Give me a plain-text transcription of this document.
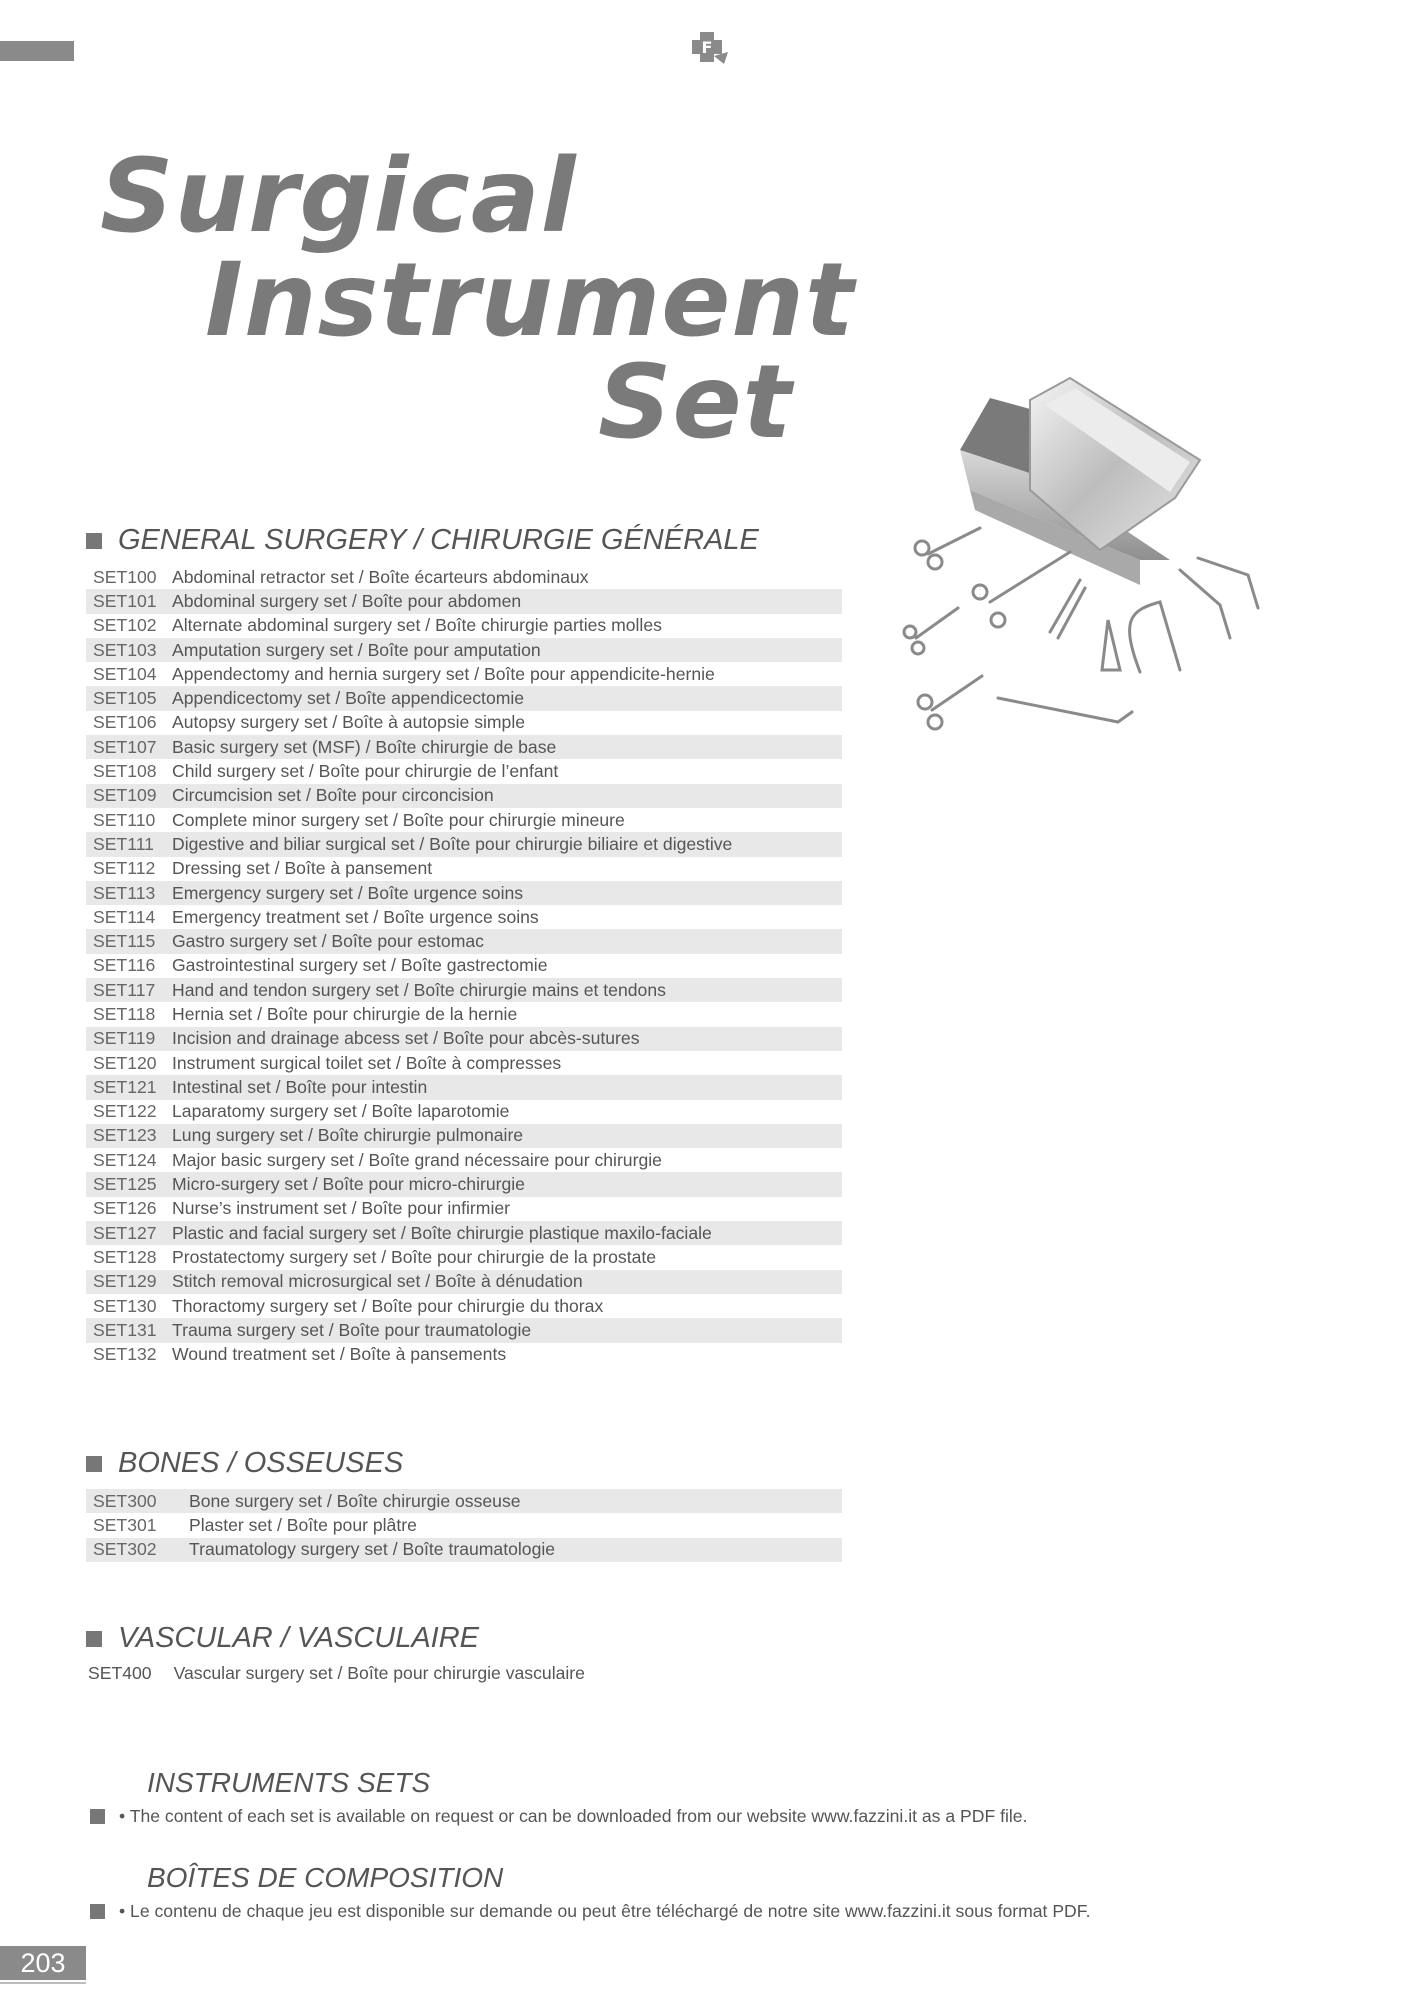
F
Surgical
Instrument
Set
GENERAL SURGERY / CHIRURGIE GÉNÉRALE
SET100 Abdominal retractor set / Boîte écarteurs abdominaux
SET101 Abdominal surgery set / Boîte pour abdomen
SET102 Alternate abdominal surgery set / Boîte chirurgie parties molles
SET103 Amputation surgery set / Boîte pour amputation
SET104 Appendectomy and hernia surgery set / Boîte pour appendicite-hernie
SET105 Appendicectomy set / Boîte appendicectomie
SET106 Autopsy surgery set / Boîte à autopsie simple
SET107 Basic surgery set (MSF) / Boîte chirurgie de base
SET108 Child surgery set / Boîte pour chirurgie de l’enfant
SET109 Circumcision set / Boîte pour circoncision
SET110 Complete minor surgery set / Boîte pour chirurgie mineure
SET111	Digestive and biliar surgical set / Boîte pour chirurgie biliaire et digestive
SET112 Dressing set / Boîte à pansement
SET113 Emergency surgery set / Boîte urgence soins
SET114 Emergency treatment set / Boîte urgence soins
SET115 Gastro surgery set / Boîte pour estomac
SET116 Gastrointestinal surgery set / Boîte gastrectomie
SET117 Hand and tendon surgery set / Boîte chirurgie mains et tendons
SET118 Hernia set / Boîte pour chirurgie de la hernie
SET119 Incision and drainage abcess set / Boîte pour abcès-sutures
SET120 Instrument surgical toilet set / Boîte à compresses
SET121 Intestinal set / Boîte pour intestin
SET122 Laparatomy surgery set / Boîte laparotomie
SET123 Lung surgery set / Boîte chirurgie pulmonaire
SET124 Major basic surgery set / Boîte grand nécessaire pour chirurgie
SET125 Micro-surgery set / Boîte pour micro-chirurgie
SET126 Nurse’s instrument set / Boîte pour infirmier
SET127 Plastic and facial surgery set / Boîte chirurgie plastique maxilo-faciale
SET128 Prostatectomy surgery set / Boîte pour chirurgie de la prostate
SET129 Stitch removal microsurgical set / Boîte à dénudation
SET130 Thoractomy surgery set / Boîte pour chirurgie du thorax
SET131 Trauma surgery set / Boîte pour traumatologie
SET132 Wound treatment set / Boîte à pansements
BONES / OSSEUSES
SET300	Bone surgery set / Boîte chirurgie osseuse
SET301	Plaster set / Boîte pour plâtre
SET302	Traumatology surgery set / Boîte traumatologie
VASCULAR / VASCULAIRE
SET400 Vascular surgery set / Boîte pour chirurgie vasculaire
INSTRUMENTS SETS
• The content of each set is available on request or can be downloaded from our website www.fazzini.it as a PDF file.
BOÎTES DE COMPOSITION
• Le contenu de chaque jeu est disponible sur demande ou peut être téléchargé de notre site www.fazzini.it sous format PDF.
203
